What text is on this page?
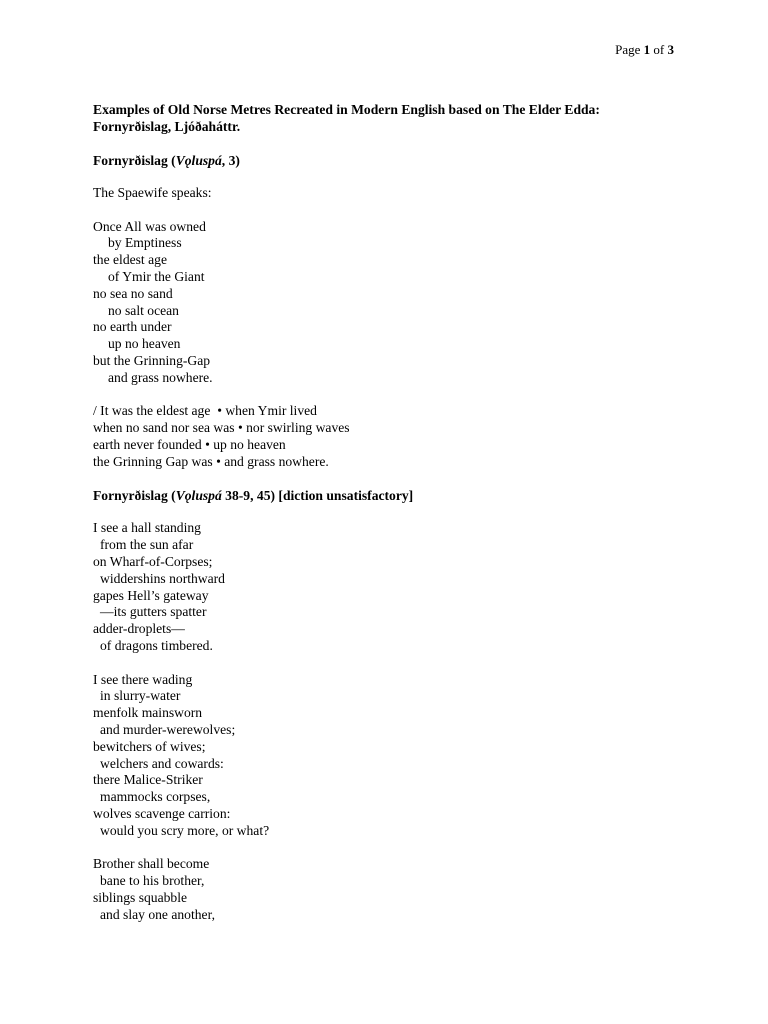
Page 1 of 3

Examples of Old Norse Metres Recreated in Modern English based on The Elder Edda:

Fornyrðislag, Ljóðaháttr.

Fornyrðislag (Vǫluspá, 3)

The Spaewife speaks:

Once All was owned

by Emptiness

the eldest age

of Ymir the Giant

no sea no sand

no salt ocean

no earth under

up no heaven

but the Grinning-Gap

and grass nowhere.

/ It was the eldest age  • when Ymir lived

when no sand nor sea was • nor swirling waves

earth never founded • up no heaven

the Grinning Gap was • and grass nowhere.

Fornyrðislag (Vǫluspá 38-9, 45) [diction unsatisfactory]

I see a hall standing

from the sun afar

on Wharf-of-Corpses;

widdershins northward

gapes Hell’s gateway

—its gutters spatter

adder-droplets—

of dragons timbered.

I see there wading

in slurry-water

menfolk mainsworn

and murder-werewolves;

bewitchers of wives;

welchers and cowards:

there Malice-Striker

mammocks corpses,

wolves scavenge carrion:

would you scry more, or what?

Brother shall become

bane to his brother,

siblings squabble

and slay one another,
